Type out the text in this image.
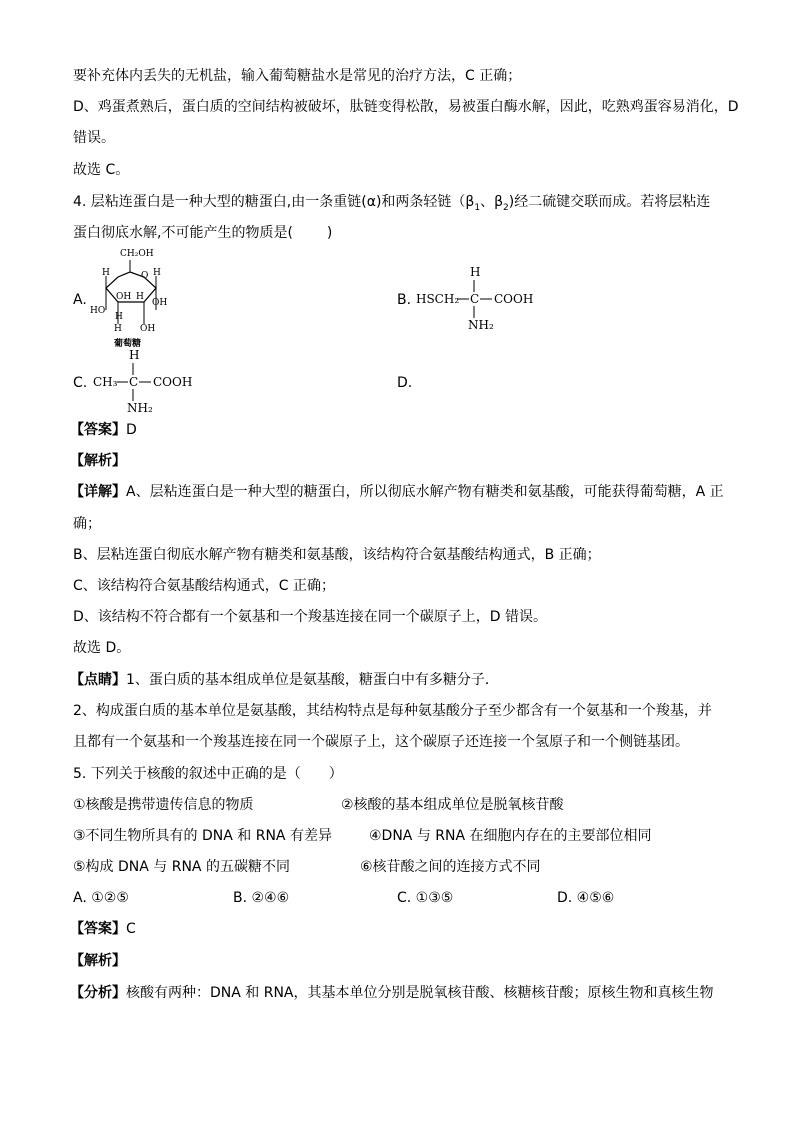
要补充体内丢失的无机盐，输入葡萄糖盐水是常见的治疗方法，C 正确；
D、鸡蛋煮熟后，蛋白质的空间结构被破坏，肽链变得松散，易被蛋白酶水解，因此，吃熟鸡蛋容易消化，D
错误。
故选 C。
4. 层粘连蛋白是一种大型的糖蛋白,由一条重链(α)和两条轻链（$\beta_1$、$\beta_2$)经二硫键交联而成。若将层粘连
蛋白彻底水解,不可能产生的物质是( )
A.
CH₂OH
O
H	H
OH H
OH
HO
H
H OH
葡萄糖
B.
H
HSCH₂ C COOH
NH₂
C.
H
CH₃ C COOH
NH₂
D.
【答案】D
【解析】
【详解】A、层粘连蛋白是一种大型的糖蛋白，所以彻底水解产物有糖类和氨基酸，可能获得葡萄糖，A 正
确；
B、层粘连蛋白彻底水解产物有糖类和氨基酸，该结构符合氨基酸结构通式，B 正确；
C、该结构符合氨基酸结构通式，C 正确；
D、该结构不符合都有一个氨基和一个羧基连接在同一个碳原子上，D 错误。
故选 D。
【点睛】1、蛋白质的基本组成单位是氨基酸，糖蛋白中有多糖分子．
2、构成蛋白质的基本单位是氨基酸，其结构特点是每种氨基酸分子至少都含有一个氨基和一个羧基，并
且都有一个氨基和一个羧基连接在同一个碳原子上，这个碳原子还连接一个氢原子和一个侧链基团。
5. 下列关于核酸的叙述中正确的是（　　）
①核酸是携带遗传信息的物质	②核酸的基本组成单位是脱氧核苷酸
③不同生物所具有的 DNA 和 RNA 有差异	④DNA 与 RNA 在细胞内存在的主要部位相同
⑤构成 DNA 与 RNA 的五碳糖不同	⑥核苷酸之间的连接方式不同
A. ①②⑤	B. ②④⑥	C. ①③⑤	D. ④⑤⑥
【答案】C
【解析】
【分析】核酸有两种：DNA 和 RNA，其基本单位分别是脱氧核苷酸、核糖核苷酸；原核生物和真核生物
